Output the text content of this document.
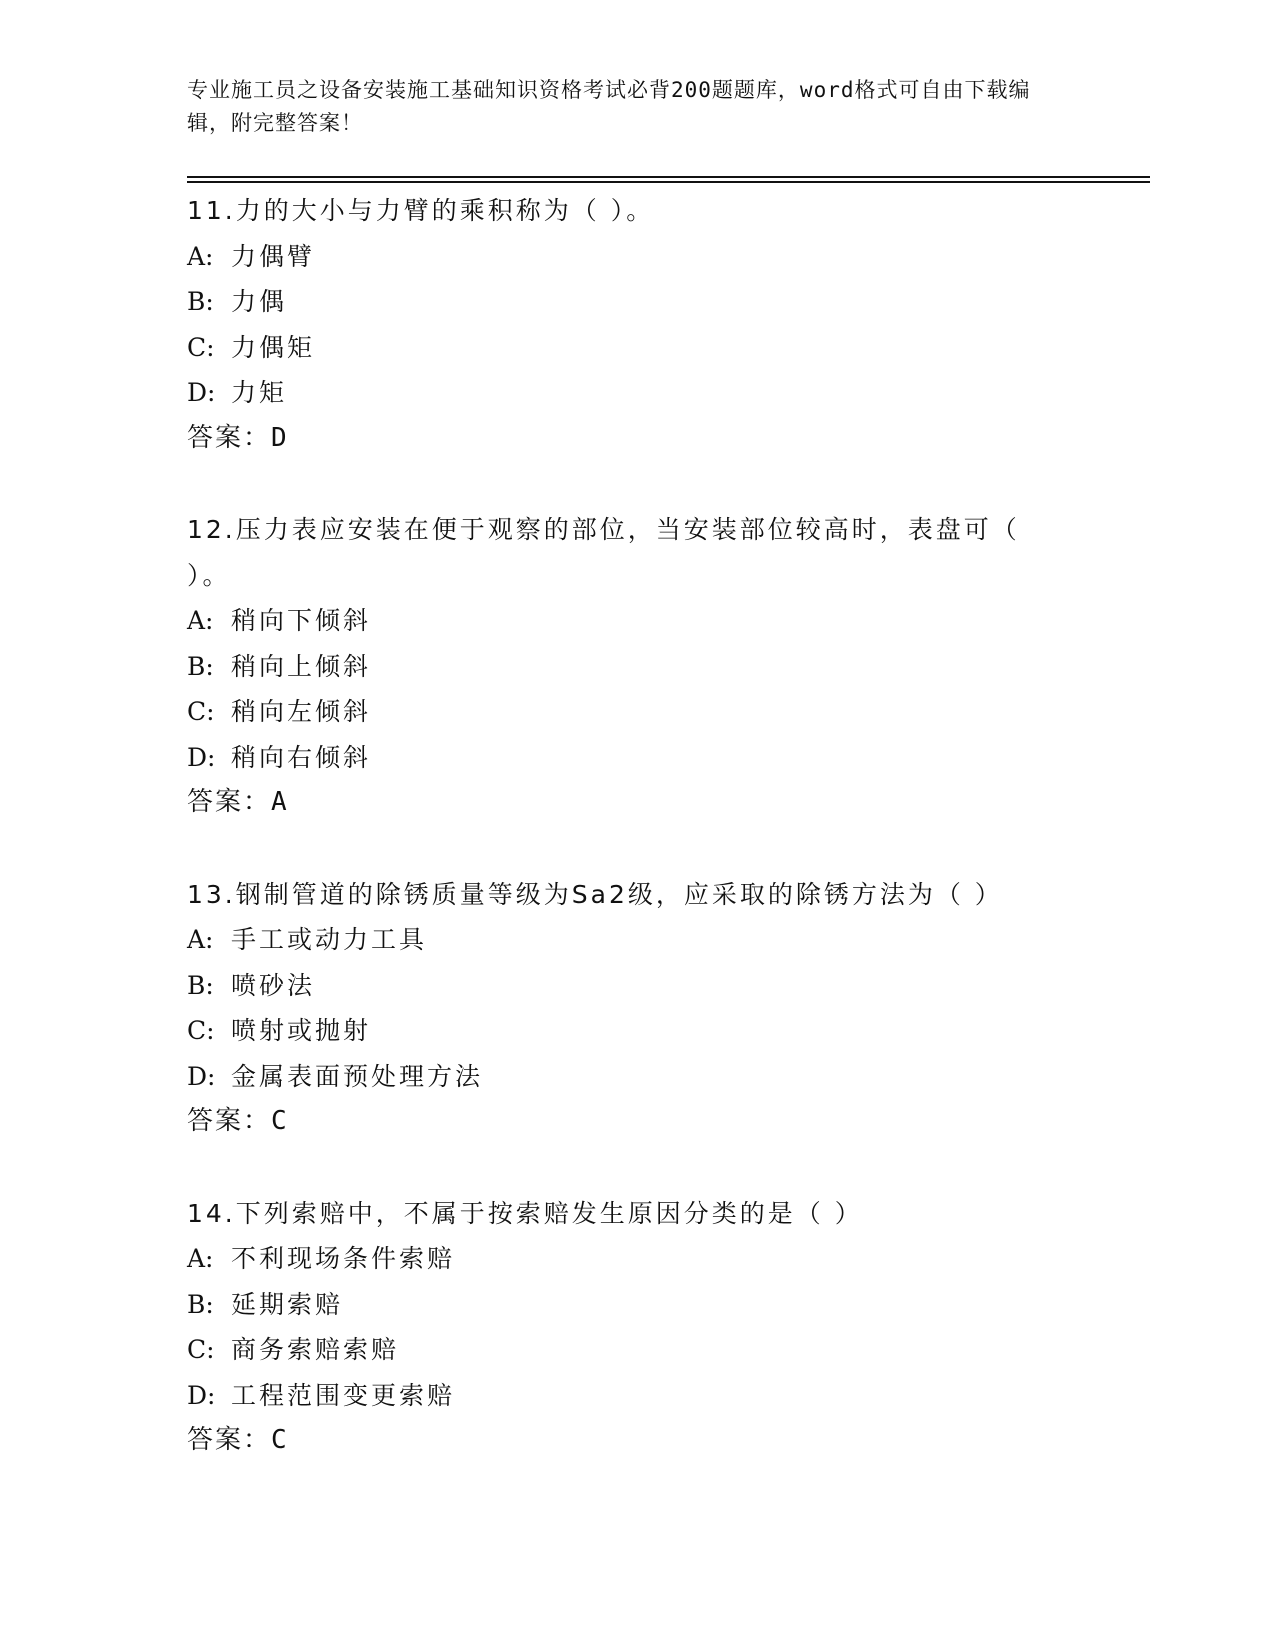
专业施工员之设备安装施工基础知识资格考试必背200题题库，word格式可自由下载编辑，附完整答案！
11.力的大小与力臂的乘积称为（ ）。
A: 力偶臂
B: 力偶
C: 力偶矩
D: 力矩
答案：D
12.压力表应安装在便于观察的部位，当安装部位较高时，表盘可（ ）。
A: 稍向下倾斜
B: 稍向上倾斜
C: 稍向左倾斜
D: 稍向右倾斜
答案：A
13.钢制管道的除锈质量等级为Sa2级，应采取的除锈方法为（ ）
A: 手工或动力工具
B: 喷砂法
C: 喷射或抛射
D: 金属表面预处理方法
答案：C
14.下列索赔中，不属于按索赔发生原因分类的是（ ）
A: 不利现场条件索赔
B: 延期索赔
C: 商务索赔索赔
D: 工程范围变更索赔
答案：C
